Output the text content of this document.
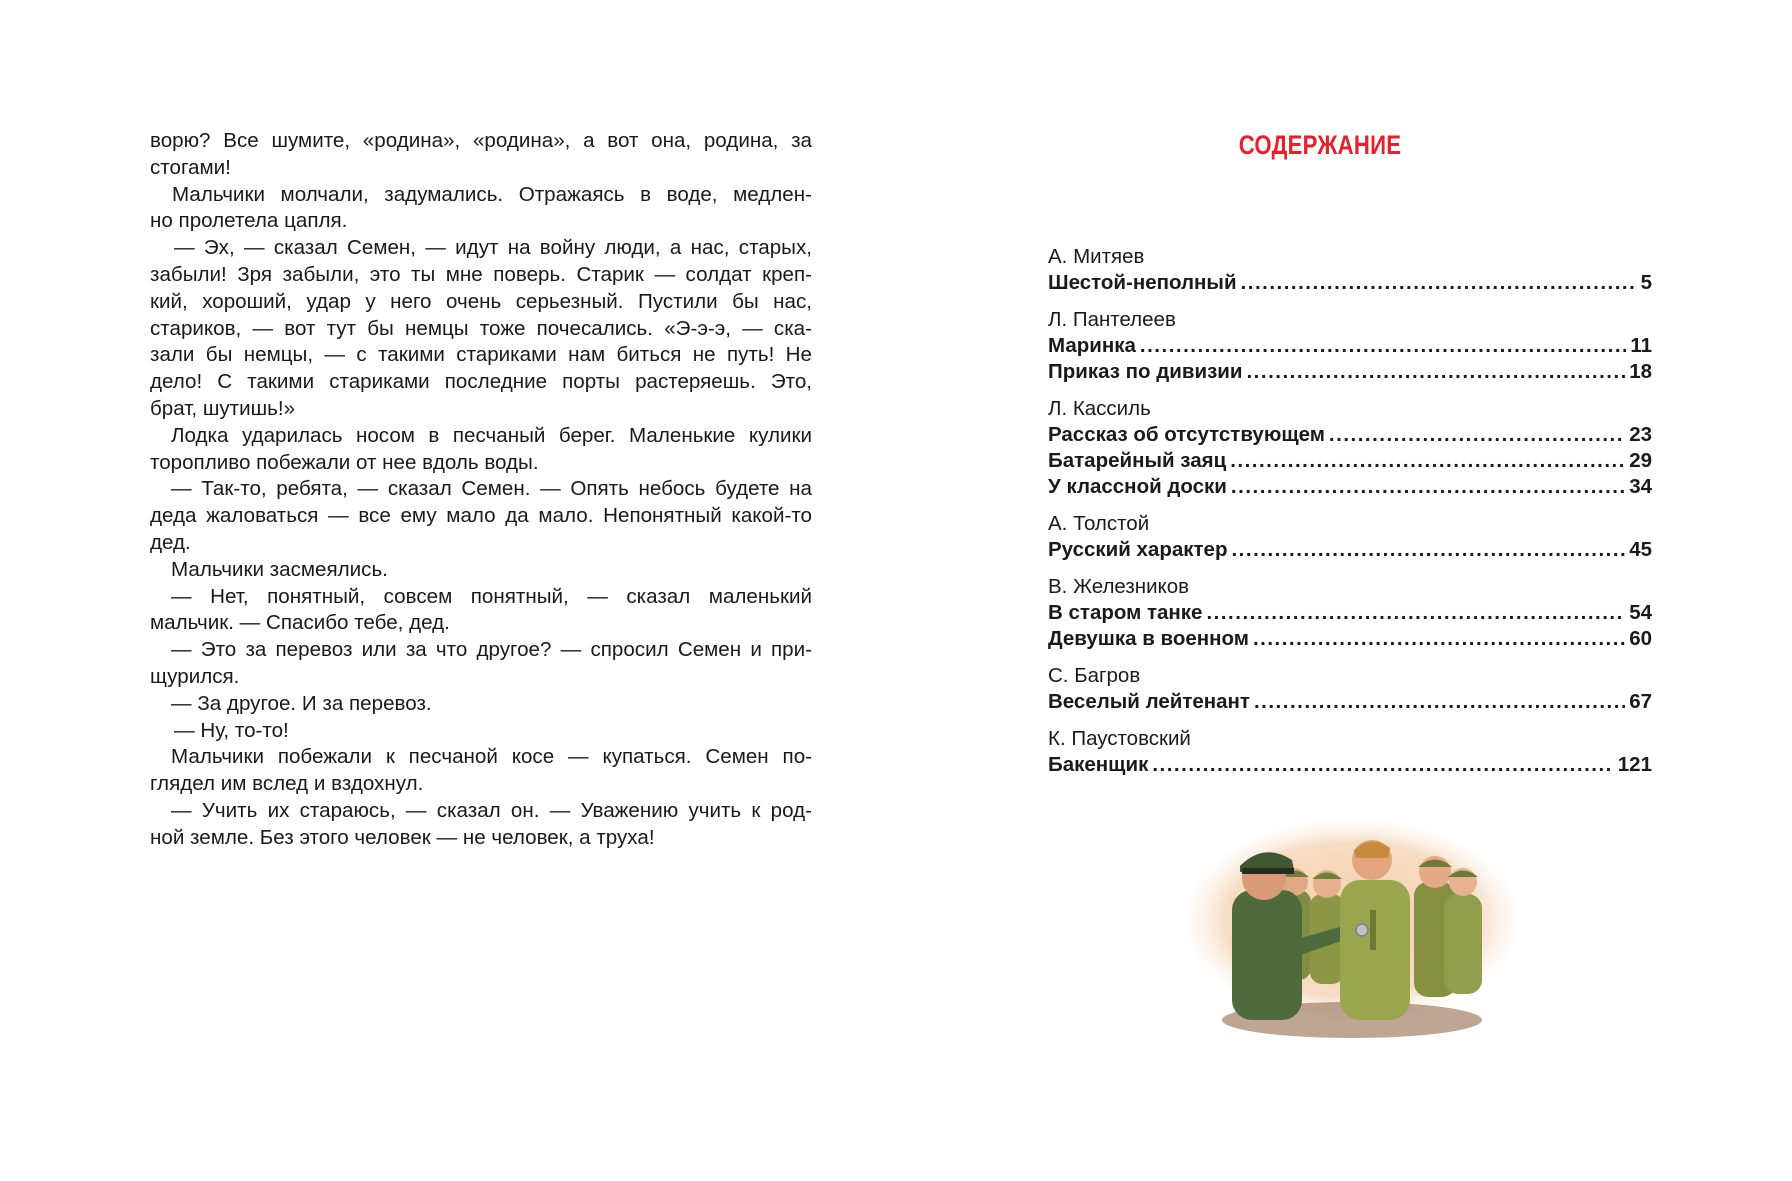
ворю? Все шумите, «родина», «родина», а вот она, родина, за
стогами!
Мальчики молчали, задумались. Отражаясь в воде, медлен-
но пролетела цапля.
— Эх, — сказал Семен, — идут на войну люди, а нас, старых,
забыли! Зря забыли, это ты мне поверь. Старик — солдат креп-
кий, хороший, удар у него очень серьезный. Пустили бы нас,
стариков, — вот тут бы немцы тоже почесались. «Э-э-э, — ска-
зали бы немцы, — с такими стариками нам биться не путь! Не
дело! С такими стариками последние порты растеряешь. Это,
брат, шутишь!»
Лодка ударилась носом в песчаный берег. Маленькие кулики
торопливо побежали от нее вдоль воды.
— Так-то, ребята, — сказал Семен. — Опять небось будете на
деда жаловаться — все ему мало да мало. Непонятный какой-то
дед.
Мальчики засмеялись.
— Нет, понятный, совсем понятный, — сказал маленький
мальчик. — Спасибо тебе, дед.
— Это за перевоз или за что другое? — спросил Семен и при-
щурился.
— За другое. И за перевоз.
— Ну, то-то!
Мальчики побежали к песчаной косе — купаться. Семен по-
глядел им вслед и вздохнул.
— Учить их стараюсь, — сказал он. — Уважению учить к род-
ной земле. Без этого человек — не человек, а труха!
СОДЕРЖАНИЕ
А. Митяев
Шестой-неполный .....	5
Л. Пантелеев
Маринка .....	11
Приказ по дивизии .....	18
Л. Кассиль
Рассказ об отсутствующем .....	23
Батарейный заяц .....	29
У классной доски .....	34
А. Толстой
Русский характер .....	45
В. Железников
В старом танке .....	54
Девушка в военном .....	60
С. Багров
Веселый лейтенант .....	67
К. Паустовский
Бакенщик .....	121
